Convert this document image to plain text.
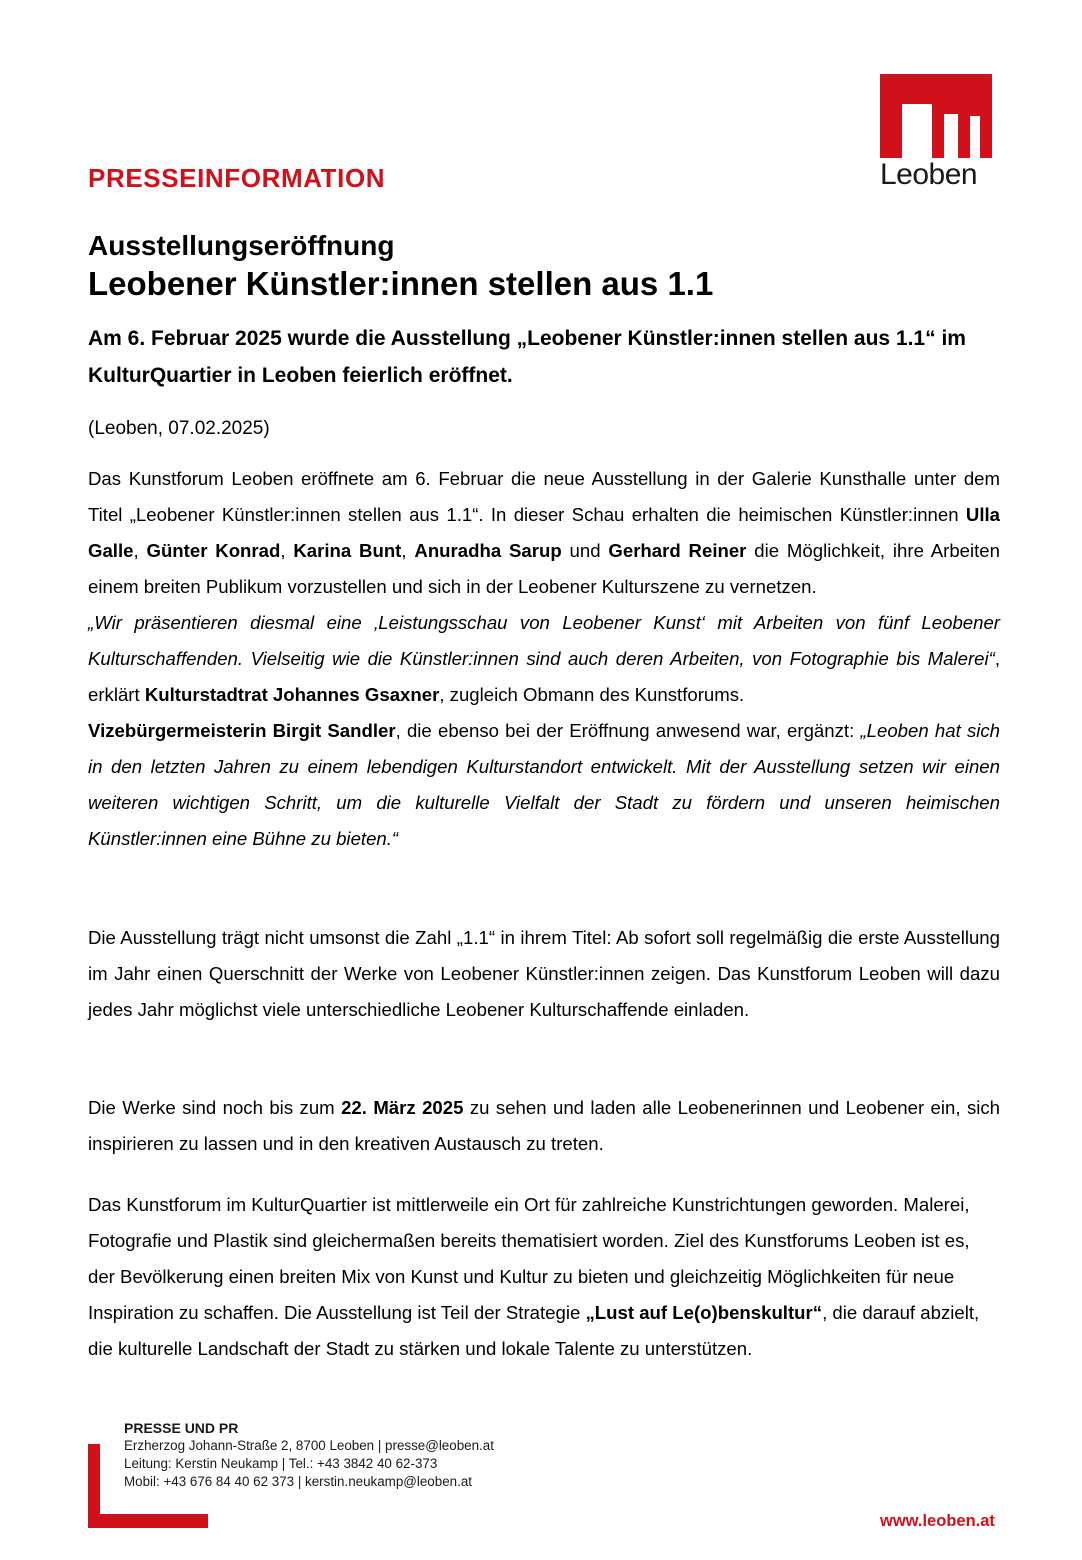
Leoben
PRESSEINFORMATION
Ausstellungseröffnung
Leobener Künstler:innen stellen aus 1.1
Am 6. Februar 2025 wurde die Ausstellung „Leobener Künstler:innen stellen aus 1.1“ im KulturQuartier in Leoben feierlich eröffnet.
(Leoben, 07.02.2025)
Das Kunstforum Leoben eröffnete am 6. Februar die neue Ausstellung in der Galerie Kunsthalle unter dem Titel „Leobener Künstler:innen stellen aus 1.1“. In dieser Schau erhalten die heimischen Künstler:innen Ulla Galle, Günter Konrad, Karina Bunt, Anuradha Sarup und Gerhard Reiner die Möglichkeit, ihre Arbeiten einem breiten Publikum vorzustellen und sich in der Leobener Kulturszene zu vernetzen.
„Wir präsentieren diesmal eine ‚Leistungsschau von Leobener Kunst‘ mit Arbeiten von fünf Leobener Kulturschaffenden. Vielseitig wie die Künstler:innen sind auch deren Arbeiten, von Fotographie bis Malerei“, erklärt Kulturstadtrat Johannes Gsaxner, zugleich Obmann des Kunstforums.
Vizebürgermeisterin Birgit Sandler, die ebenso bei der Eröffnung anwesend war, ergänzt: „Leoben hat sich in den letzten Jahren zu einem lebendigen Kulturstandort entwickelt. Mit der Ausstellung setzen wir einen weiteren wichtigen Schritt, um die kulturelle Vielfalt der Stadt zu fördern und unseren heimischen Künstler:innen eine Bühne zu bieten.“
Die Ausstellung trägt nicht umsonst die Zahl „1.1“ in ihrem Titel: Ab sofort soll regelmäßig die erste Ausstellung im Jahr einen Querschnitt der Werke von Leobener Künstler:innen zeigen. Das Kunstforum Leoben will dazu jedes Jahr möglichst viele unterschiedliche Leobener Kulturschaffende einladen.
Die Werke sind noch bis zum 22. März 2025 zu sehen und laden alle Leobenerinnen und Leobener ein, sich inspirieren zu lassen und in den kreativen Austausch zu treten.
Das Kunstforum im KulturQuartier ist mittlerweile ein Ort für zahlreiche Kunstrichtungen geworden. Malerei, Fotografie und Plastik sind gleichermaßen bereits thematisiert worden. Ziel des Kunstforums Leoben ist es, der Bevölkerung einen breiten Mix von Kunst und Kultur zu bieten und gleichzeitig Möglichkeiten für neue Inspiration zu schaffen. Die Ausstellung ist Teil der Strategie „Lust auf Le(o)benskultur“, die darauf abzielt, die kulturelle Landschaft der Stadt zu stärken und lokale Talente zu unterstützen.
PRESSE UND PR
Erzherzog Johann-Straße 2, 8700 Leoben | presse@leoben.at
Leitung: Kerstin Neukamp | Tel.: +43 3842 40 62-373
Mobil: +43 676 84 40 62 373 | kerstin.neukamp@leoben.at
www.leoben.at
